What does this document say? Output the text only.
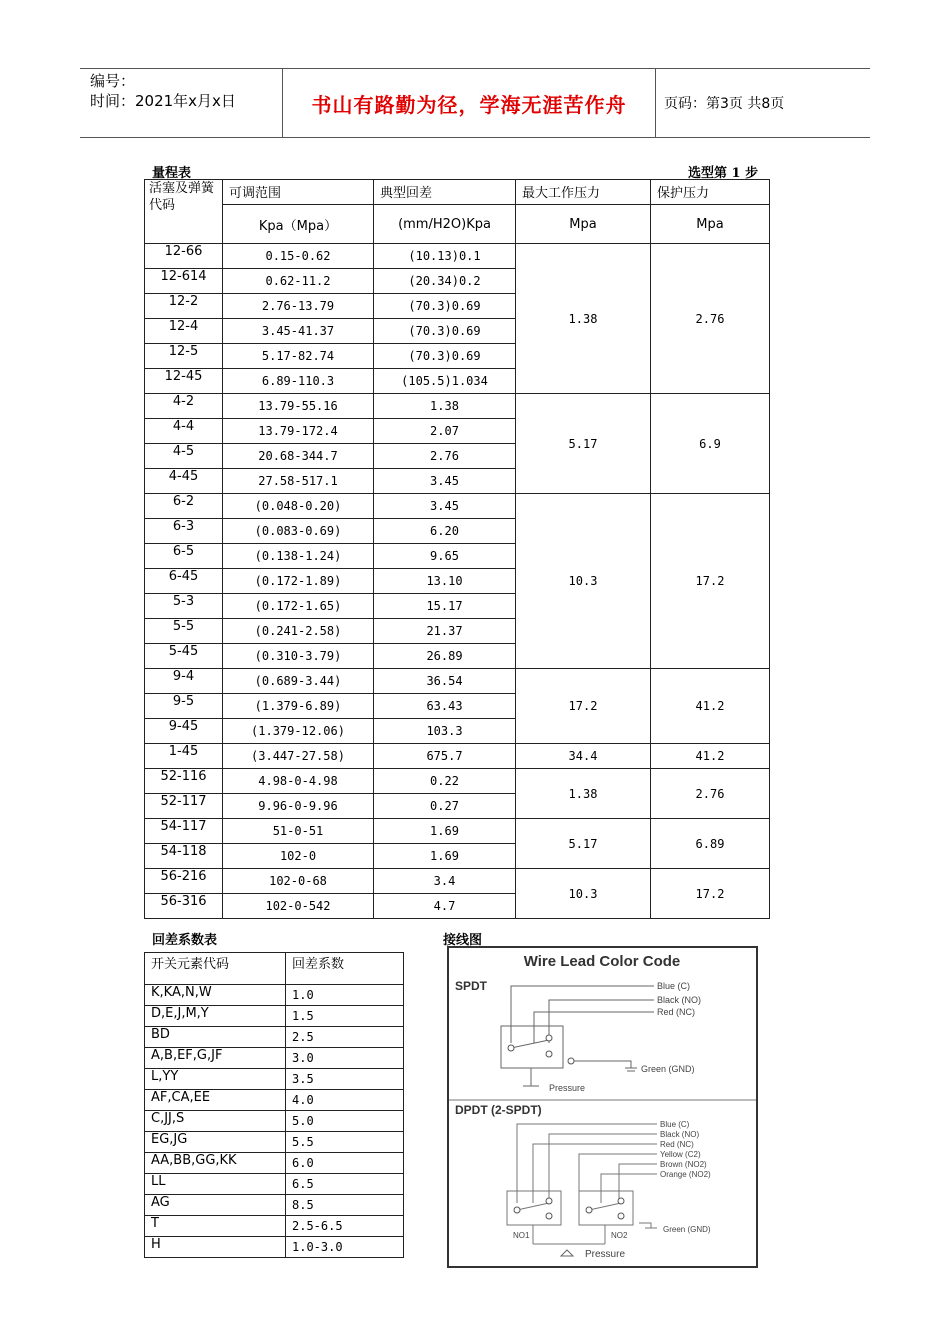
编号：
时间：2021年x月x日	书山有路勤为径，学海无涯苦作舟	页码：第3页 共8页
量程表	选型第 1 步
活塞及弹簧代码	可调范围	典型回差	最大工作压力	保护压力
	Kpa（Mpa）	(mm/H2O)Kpa	Mpa	Mpa
12-66	0.15-0.62	(10.13)0.1	1.38	2.76
12-614	0.62-11.2	(20.34)0.2		
12-2	2.76-13.79	(70.3)0.69		
12-4	3.45-41.37	(70.3)0.69		
12-5	5.17-82.74	(70.3)0.69		
12-45	6.89-110.3	(105.5)1.034		
4-2	13.79-55.16	1.38	5.17	6.9
4-4	13.79-172.4	2.07		
4-5	20.68-344.7	2.76		
4-45	27.58-517.1	3.45		
6-2	(0.048-0.20)	3.45	10.3	17.2
6-3	(0.083-0.69)	6.20		
6-5	(0.138-1.24)	9.65		
6-45	(0.172-1.89)	13.10		
5-3	(0.172-1.65)	15.17		
5-5	(0.241-2.58)	21.37		
5-45	(0.310-3.79)	26.89		
9-4	(0.689-3.44)	36.54	17.2	41.2
9-5	(1.379-6.89)	63.43		
9-45	(1.379-12.06)	103.3		
1-45	(3.447-27.58)	675.7	34.4	41.2
52-116	4.98-0-4.98	0.22	1.38	2.76
52-117	9.96-0-9.96	0.27		
54-117	51-0-51	1.69	5.17	6.89
54-118	102-0	1.69		
56-216	102-0-68	3.4	10.3	17.2
56-316	102-0-542	4.7		
回差系数表
开关元素代码	回差系数
K,KA,N,W	1.0
D,E,J,M,Y	1.5
BD	2.5
A,B,EF,G,JF	3.0
L,YY	3.5
AF,CA,EE	4.0
C,JJ,S	5.0
EG,JG	5.5
AA,BB,GG,KK	6.0
LL	6.5
AG	8.5
T	2.5-6.5
H	1.0-3.0
接线图
Wire Lead Color Code
SPDT	Blue (C)
Black (NO)
Red (NC)
Green (GND)
Pressure
DPDT (2-SPDT)
Blue (C)
Black (NO)
Red (NC)
Yellow (C2)
Brown (NO2)
Orange (NO2)
Green (GND)
NO1	NO2
Pressure
